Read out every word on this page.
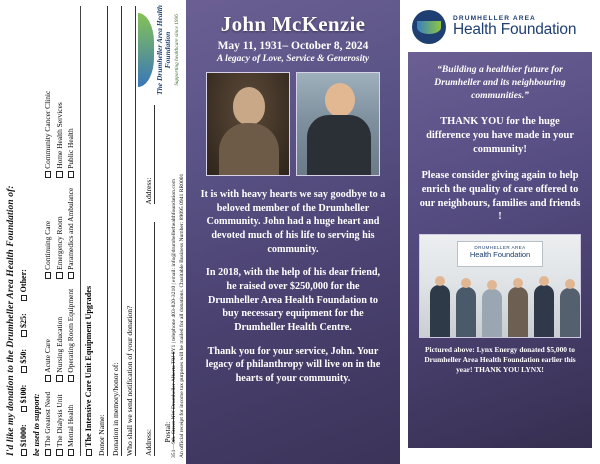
I'd like my donation to the Drumheller Area Health Foundation of: $1000:
$100:
$50:
$25:
Other:
be used to support: The Greatest Need The Dialysis Unit Mental Health
Acute Care Nursing Education Operating Room Equipment
Continuing Care Emergency Room Paramedics and Ambulance
Community Cancer Clinic Home Health Services Public Health
The Intensive Care Unit Equipment Upgrades Donor Name: Donation in memory/honor of: Who shall we send notification of your donation?	Address: Address: Postal:
The Drumheller Area Health Foundation Supporting healthcare since 1996
351—9th. Street NW Drumheller Alberta T0J 0Y1 | telephone 403-820-3210 | email: info@drumhellerhealthfoundation.com An official receipt for income tax purposes will be mailed for all donations. Charitable Business Number: 89095 0941 RR0001
John McKenzie
May 11, 1931– October 8, 2024
A legacy of Love, Service & Generosity

It is with heavy hearts we say goodbye to a beloved member of the Drumheller Community. John had a huge heart and devoted much of his life to serving his community.

In 2018, with the help of his dear friend, he raised over $250,000 for the Drumheller Area Health Foundation to buy necessary equipment for the Drumheller Health Centre.

Thank you for your service, John. Your legacy of philanthropy will live on in the hearts of your community.

DRUMHELLER AREA
Health Foundation
“Building a healthier future for Drumheller and its neighbouring communities.”
THANK YOU for the huge difference you have made in your community!
Please consider giving again to help enrich the quality of care offered to our neighbours, families and friends !
DRUMHELLER AREA
Health Foundation
Pictured above: Lynx Energy donated $5,000 to Drumheller Area Health Foundation earlier this year! THANK YOU LYNX!
